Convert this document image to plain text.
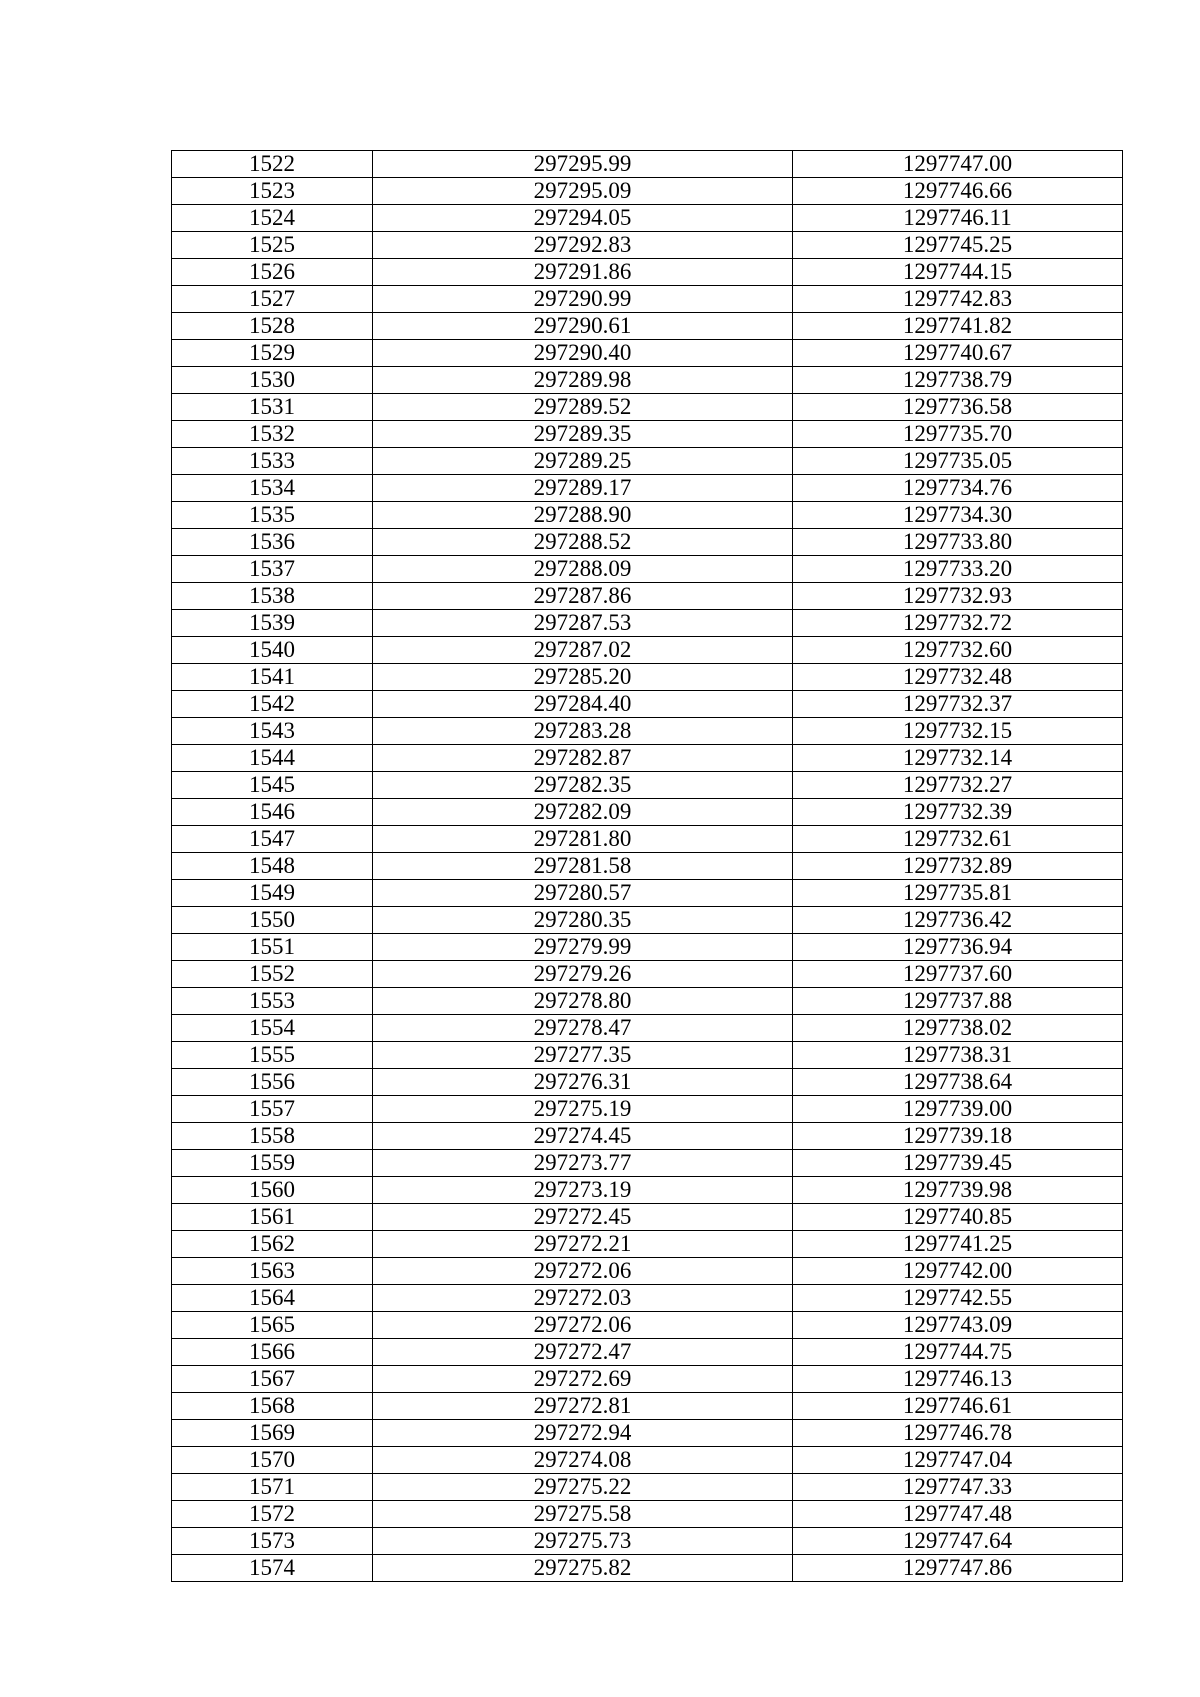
1522	297295.99	1297747.00
1523	297295.09	1297746.66
1524	297294.05	1297746.11
1525	297292.83	1297745.25
1526	297291.86	1297744.15
1527	297290.99	1297742.83
1528	297290.61	1297741.82
1529	297290.40	1297740.67
1530	297289.98	1297738.79
1531	297289.52	1297736.58
1532	297289.35	1297735.70
1533	297289.25	1297735.05
1534	297289.17	1297734.76
1535	297288.90	1297734.30
1536	297288.52	1297733.80
1537	297288.09	1297733.20
1538	297287.86	1297732.93
1539	297287.53	1297732.72
1540	297287.02	1297732.60
1541	297285.20	1297732.48
1542	297284.40	1297732.37
1543	297283.28	1297732.15
1544	297282.87	1297732.14
1545	297282.35	1297732.27
1546	297282.09	1297732.39
1547	297281.80	1297732.61
1548	297281.58	1297732.89
1549	297280.57	1297735.81
1550	297280.35	1297736.42
1551	297279.99	1297736.94
1552	297279.26	1297737.60
1553	297278.80	1297737.88
1554	297278.47	1297738.02
1555	297277.35	1297738.31
1556	297276.31	1297738.64
1557	297275.19	1297739.00
1558	297274.45	1297739.18
1559	297273.77	1297739.45
1560	297273.19	1297739.98
1561	297272.45	1297740.85
1562	297272.21	1297741.25
1563	297272.06	1297742.00
1564	297272.03	1297742.55
1565	297272.06	1297743.09
1566	297272.47	1297744.75
1567	297272.69	1297746.13
1568	297272.81	1297746.61
1569	297272.94	1297746.78
1570	297274.08	1297747.04
1571	297275.22	1297747.33
1572	297275.58	1297747.48
1573	297275.73	1297747.64
1574	297275.82	1297747.86
